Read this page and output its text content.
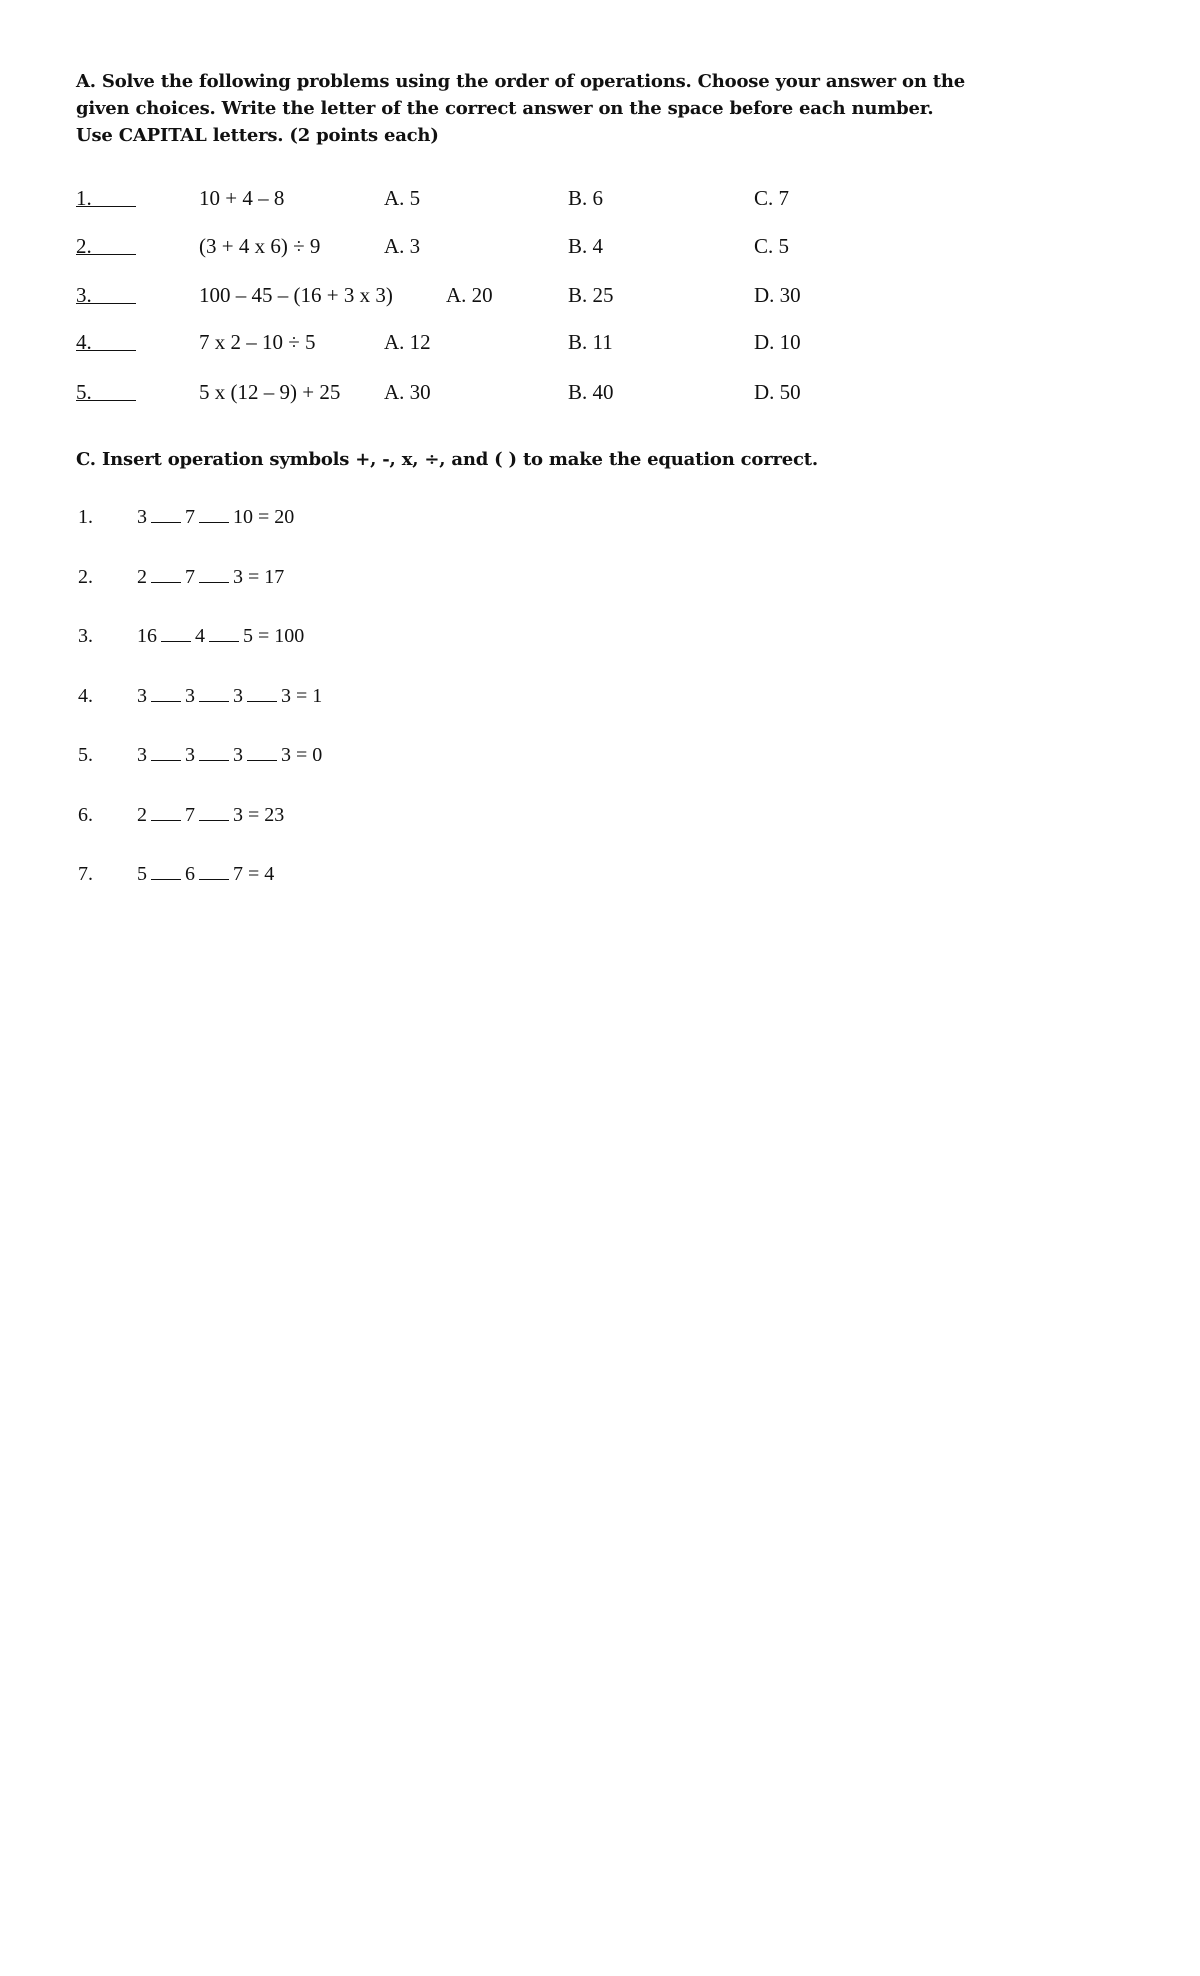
A. Solve the following problems using the order of operations. Choose your answer on the given choices. Write the letter of the correct answer on the space before each number. Use CAPITAL letters. (2 points each)
1.	10 + 4 – 8	A. 5	B. 6	C. 7
2.	(3 + 4 x 6) ÷ 9	A. 3	B. 4	C. 5
3.	100 – 45 – (16 + 3 x 3)	A. 20	B. 25	D. 30
4.	7 x 2 – 10 ÷ 5	A. 12	B. 11	D. 10
5.	5 x (12 – 9) + 25 A. 30	B. 40	D. 50
C. Insert operation symbols +, -, x, ÷, and ( ) to make the equation correct.
1. 3 7 10 = 20
2. 2 7 3 = 17
3. 16 4 5 = 100
4. 3 3 3 3 = 1
5. 3 3 3 3 = 0
6. 2 7 3 = 23
7. 5 6 7 = 4
